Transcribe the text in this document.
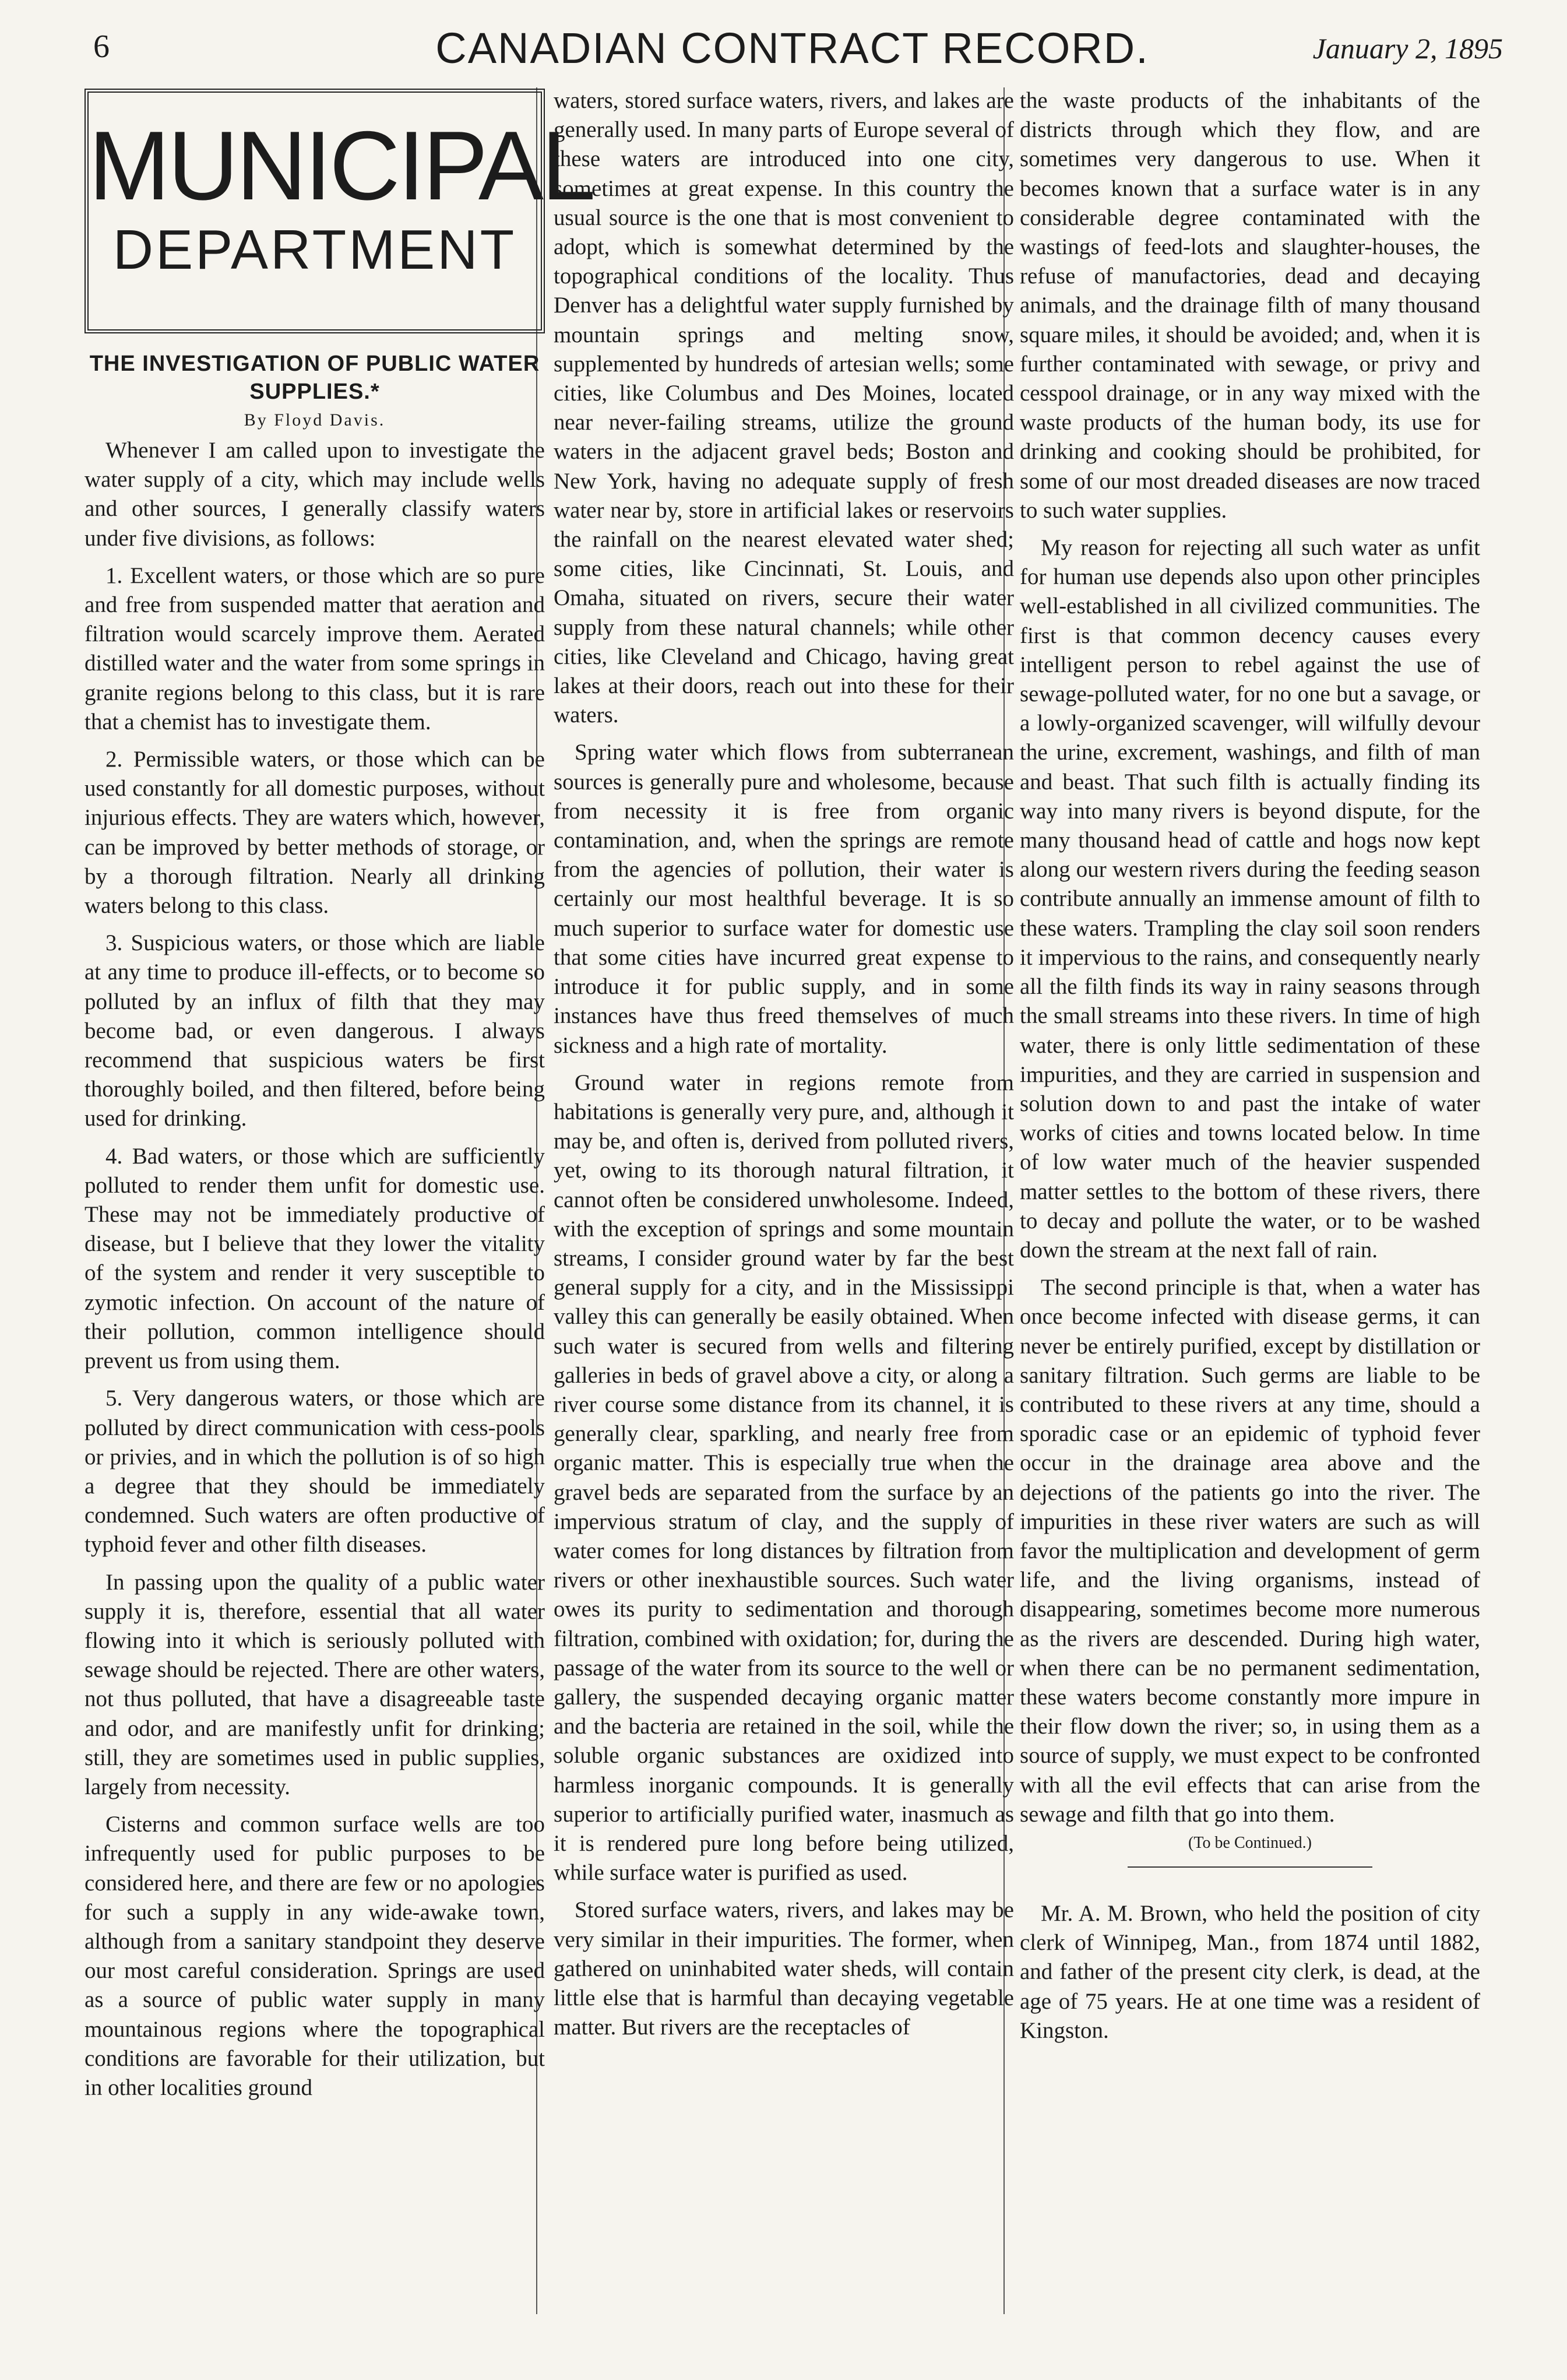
6	CANADIAN CONTRACT RECORD.	January 2, 1895
MUNICIPAL
DEPARTMENT
THE INVESTIGATION OF PUBLIC WATER SUPPLIES.*
By Floyd Davis.

Whenever I am called upon to investigate the water supply of a city, which may include wells and other sources, I generally classify waters under five divisions, as follows:

1. Excellent waters, or those which are so pure and free from suspended matter that aeration and filtration would scarcely improve them. Aerated distilled water and the water from some springs in granite regions belong to this class, but it is rare that a chemist has to investigate them.

2. Permissible waters, or those which can be used constantly for all domestic purposes, without injurious effects. They are waters which, however, can be improved by better methods of storage, or by a thorough filtration. Nearly all drinking waters belong to this class.

3. Suspicious waters, or those which are liable at any time to produce ill-effects, or to become so polluted by an influx of filth that they may become bad, or even dangerous. I always recommend that suspicious waters be first thoroughly boiled, and then filtered, before being used for drinking.

4. Bad waters, or those which are sufficiently polluted to render them unfit for domestic use. These may not be immediately productive of disease, but I believe that they lower the vitality of the system and render it very susceptible to zymotic infection. On account of the nature of their pollution, common intelligence should prevent us from using them.

5. Very dangerous waters, or those which are polluted by direct communication with cess-pools or privies, and in which the pollution is of so high a degree that they should be immediately condemned. Such waters are often productive of typhoid fever and other filth diseases.

In passing upon the quality of a public water supply it is, therefore, essential that all water flowing into it which is seriously polluted with sewage should be rejected. There are other waters, not thus polluted, that have a disagreeable taste and odor, and are manifestly unfit for drinking; still, they are sometimes used in public supplies, largely from necessity.

Cisterns and common surface wells are too infrequently used for public purposes to be considered here, and there are few or no apologies for such a supply in any wide-awake town, although from a sanitary standpoint they deserve our most careful consideration. Springs are used as a source of public water supply in many mountainous regions where the topographical conditions are favorable for their utilization, but in other localities ground

waters, stored surface waters, rivers, and lakes are generally used. In many parts of Europe several of these waters are introduced into one city, sometimes at great expense. In this country the usual source is the one that is most convenient to adopt, which is somewhat determined by the topographical conditions of the locality. Thus Denver has a delightful water supply furnished by mountain springs and melting snow, supplemented by hundreds of artesian wells; some cities, like Columbus and Des Moines, located near never-failing streams, utilize the ground waters in the adjacent gravel beds; Boston and New York, having no adequate supply of fresh water near by, store in artificial lakes or reservoirs the rainfall on the nearest elevated water shed; some cities, like Cincinnati, St. Louis, and Omaha, situated on rivers, secure their water supply from these natural channels; while other cities, like Cleveland and Chicago, having great lakes at their doors, reach out into these for their waters.

Spring water which flows from subterranean sources is generally pure and wholesome, because from necessity it is free from organic contamination, and, when the springs are remote from the agencies of pollution, their water is certainly our most healthful beverage. It is so much superior to surface water for domestic use that some cities have incurred great expense to introduce it for public supply, and in some instances have thus freed themselves of much sickness and a high rate of mortality.

Ground water in regions remote from habitations is generally very pure, and, although it may be, and often is, derived from polluted rivers, yet, owing to its thorough natural filtration, it cannot often be considered unwholesome. Indeed, with the exception of springs and some mountain streams, I consider ground water by far the best general supply for a city, and in the Mississippi valley this can generally be easily obtained. When such water is secured from wells and filtering galleries in beds of gravel above a city, or along a river course some distance from its channel, it is generally clear, sparkling, and nearly free from organic matter. This is especially true when the gravel beds are separated from the surface by an impervious stratum of clay, and the supply of water comes for long distances by filtration from rivers or other inexhaustible sources. Such water owes its purity to sedimentation and thorough filtration, combined with oxidation; for, during the passage of the water from its source to the well or gallery, the suspended decaying organic matter and the bacteria are retained in the soil, while the soluble organic substances are oxidized into harmless inorganic compounds. It is generally superior to artificially purified water, inasmuch as it is rendered pure long before being utilized, while surface water is purified as used.

Stored surface waters, rivers, and lakes may be very similar in their impurities. The former, when gathered on uninhabited water sheds, will contain little else that is harmful than decaying vegetable matter. But rivers are the receptacles of

the waste products of the inhabitants of the districts through which they flow, and are sometimes very dangerous to use. When it becomes known that a surface water is in any considerable degree contaminated with the wastings of feed-lots and slaughter-houses, the refuse of manufactories, dead and decaying animals, and the drainage filth of many thousand square miles, it should be avoided; and, when it is further contaminated with sewage, or privy and cesspool drainage, or in any way mixed with the waste products of the human body, its use for drinking and cooking should be prohibited, for some of our most dreaded diseases are now traced to such water supplies.

My reason for rejecting all such water as unfit for human use depends also upon other principles well-established in all civilized communities. The first is that common decency causes every intelligent person to rebel against the use of sewage-polluted water, for no one but a savage, or a lowly-organized scavenger, will wilfully devour the urine, excrement, washings, and filth of man and beast. That such filth is actually finding its way into many rivers is beyond dispute, for the many thousand head of cattle and hogs now kept along our western rivers during the feeding season contribute annually an immense amount of filth to these waters. Trampling the clay soil soon renders it impervious to the rains, and consequently nearly all the filth finds its way in rainy seasons through the small streams into these rivers. In time of high water, there is only little sedimentation of these impurities, and they are carried in suspension and solution down to and past the intake of water works of cities and towns located below. In time of low water much of the heavier suspended matter settles to the bottom of these rivers, there to decay and pollute the water, or to be washed down the stream at the next fall of rain.

The second principle is that, when a water has once become infected with disease germs, it can never be entirely purified, except by distillation or sanitary filtration. Such germs are liable to be contributed to these rivers at any time, should a sporadic case or an epidemic of typhoid fever occur in the drainage area above and the dejections of the patients go into the river. The impurities in these river waters are such as will favor the multiplication and development of germ life, and the living organisms, instead of disappearing, sometimes become more numerous as the rivers are descended. During high water, when there can be no permanent sedimentation, these waters become constantly more impure in their flow down the river; so, in using them as a source of supply, we must expect to be confronted with all the evil effects that can arise from the sewage and filth that go into them.

(To be Continued.)

Mr. A. M. Brown, who held the position of city clerk of Winnipeg, Man., from 1874 until 1882, and father of the present city clerk, is dead, at the age of 75 years. He at one time was a resident of Kingston.
